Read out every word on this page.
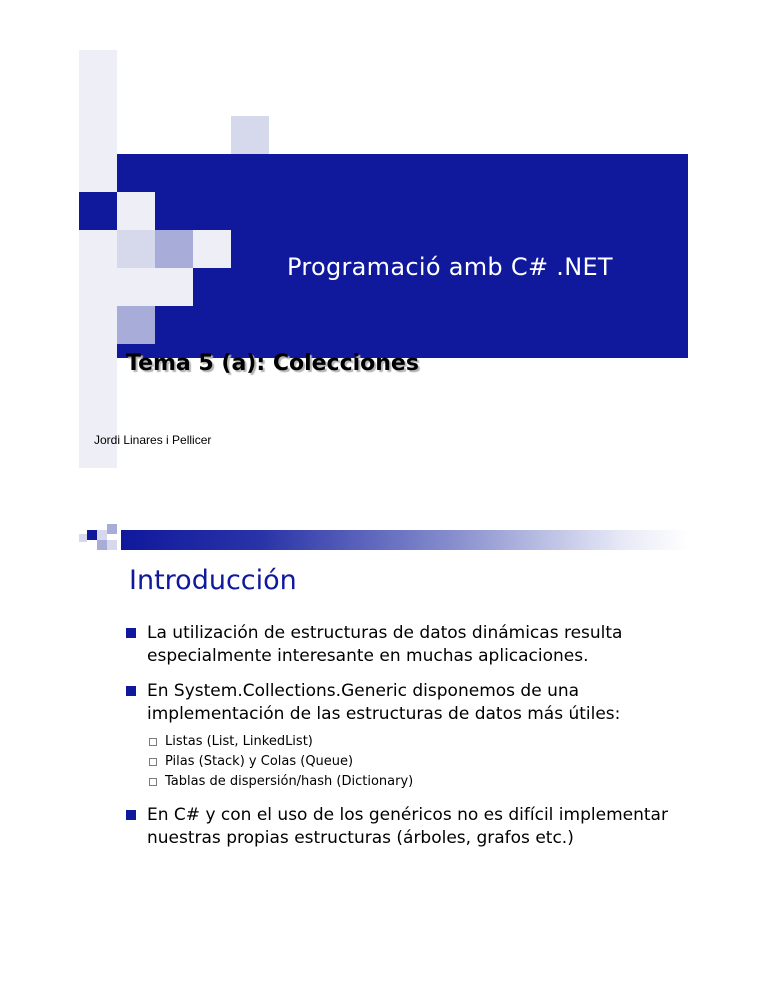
Programació amb C# .NET
Tema 5 (a): Colecciones
Jordi Linares i Pellicer
Introducción
La utilización de estructuras de datos dinámicas resulta especialmente interesante en muchas aplicaciones.
En System.Collections.Generic disponemos de una implementación de las estructuras de datos más útiles:
Listas (List, LinkedList)
Pilas (Stack) y Colas (Queue)
Tablas de dispersión/hash (Dictionary)
En C# y con el uso de los genéricos no es difícil implementar nuestras propias estructuras (árboles, grafos etc.)
